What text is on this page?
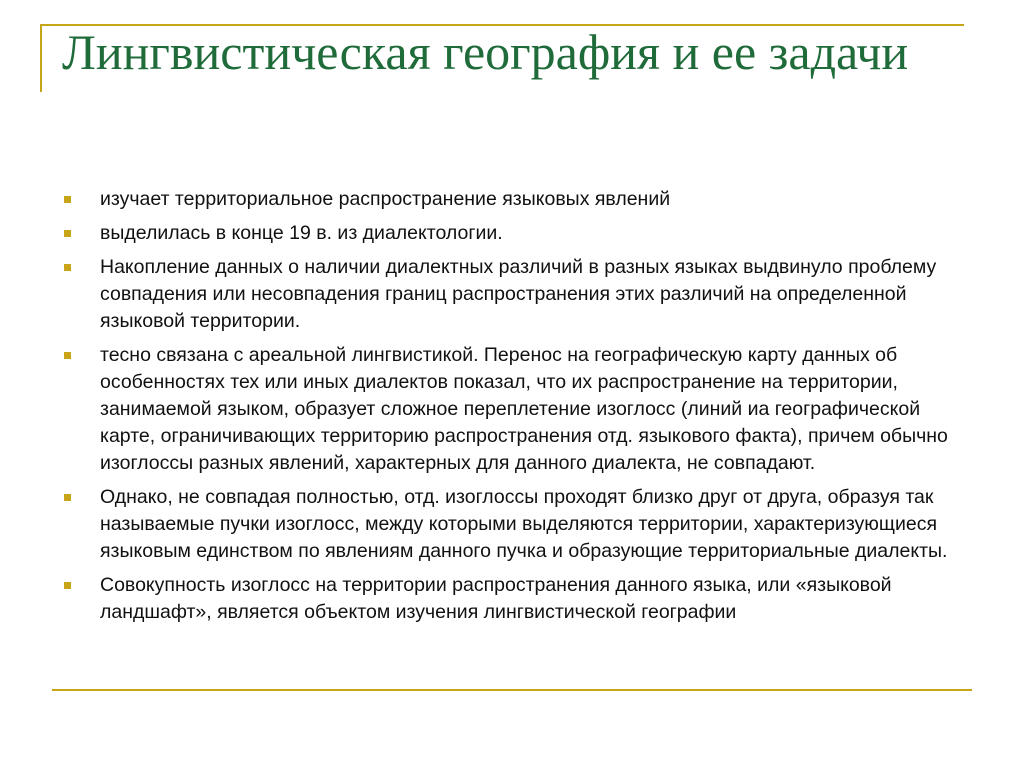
Лингвистическая география и ее задачи
изучает территориальное распространение языковых явлений
выделилась в конце 19 в. из диалектологии.
Накопление данных о наличии диалектных различий в разных языках выдвинуло проблему совпадения или несовпадения границ распространения этих различий на определенной языковой территории.
тесно связана с ареальной лингвистикой. Перенос на географическую карту данных об особенностях тех или иных диалектов показал, что их распространение на территории, занимаемой языком, образует сложное переплетение изоглосс (линий иа географической карте, ограничивающих территорию распространения отд. языкового факта), причем обычно изоглоссы разных явлений, характерных для данного диалекта, не совпадают.
Однако, не совпадая полностью, отд. изоглоссы проходят близко друг от друга, образуя так называемые пучки изоглосс, между которыми выделяются территории, характеризующиеся языковым единством по явлениям данного пучка и образующие территориальные диалекты.
Совокупность изоглосс на территории распространения данного языка, или «языковой ландшафт», является объектом изучения лингвистической географии
